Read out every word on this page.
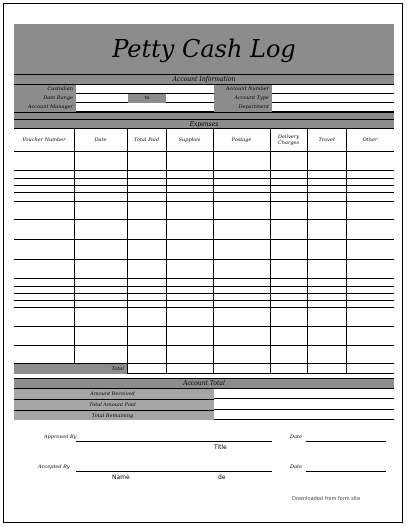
Petty Cash Log
Account Information
Custodian	Account Number
Date Range	to	Account Type
Account Manager	Department
Expenses
Voucher Number	Date	Total Paid	Supplies	Postage	Delivery Charges	Travel	Other
Total
Account Total
Amount Received
Total Amount Paid
Total Remaining
Approved By	Date
Title
Accepted By	Date
Name	de
Downloaded from form site
